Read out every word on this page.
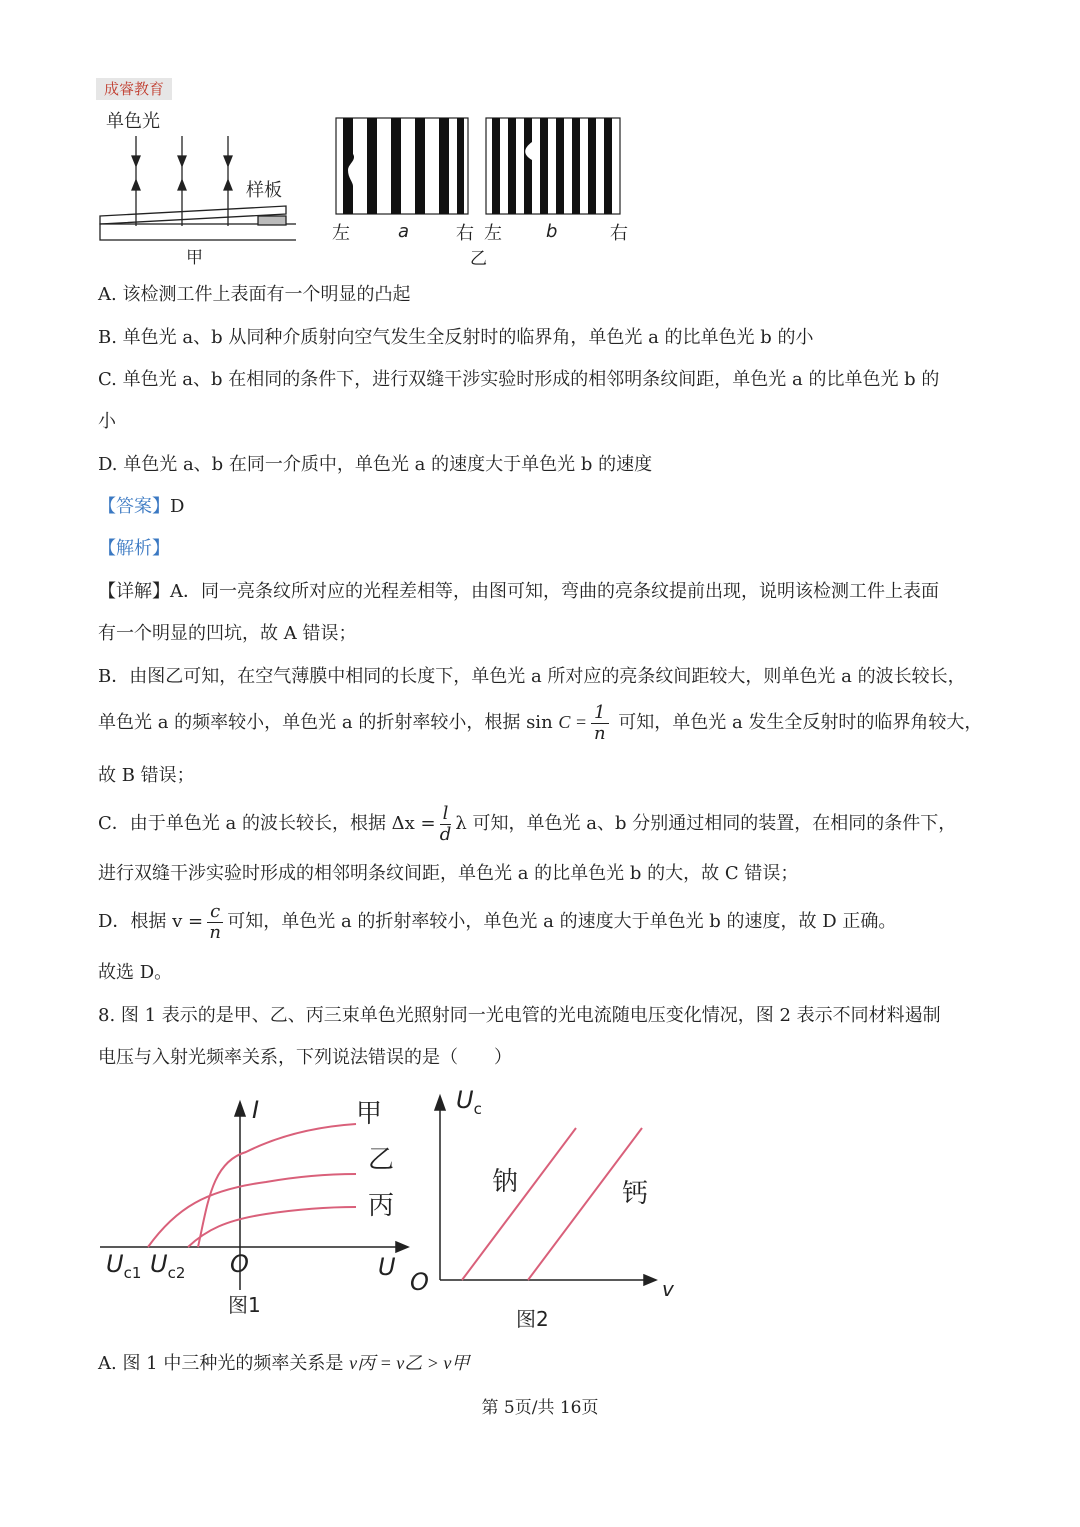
成睿教育
单色光
样板
甲
左	a	右 左 b	右
乙
A. 该检测工件上表面有一个明显的凸起
B. 单色光 a、b 从同种介质射向空气发生全反射时的临界角，单色光 a 的比单色光 b 的小
C. 单色光 a、b 在相同的条件下，进行双缝干涉实验时形成的相邻明条纹间距，单色光 a 的比单色光 b 的
小
D. 单色光 a、b 在同一介质中，单色光 a 的速度大于单色光 b 的速度
【答案】D
【解析】
【详解】A．同一亮条纹所对应的光程差相等，由图可知，弯曲的亮条纹提前出现，说明该检测工件上表面
有一个明显的凹坑，故 A 错误；
B．由图乙可知，在空气薄膜中相同的长度下，单色光 a 所对应的亮条纹间距较大，则单色光 a 的波长较长，
单色光 a 的频率较小，单色光 a 的折射率较小，根据 $\sin C = \frac{1}{n}$ 可知，单色光 a 发生全反射时的临界角较大，
故 B 错误；
C．由于单色光 a 的波长较长，根据 $\Delta x = \frac{l}{d}$ λ 可知，单色光 a、b 分别通过相同的装置，在相同的条件下，
进行双缝干涉实验时形成的相邻明条纹间距，单色光 a 的比单色光 b 的大，故 C 错误；
D．根据 $v = \frac{c}{n}$ 可知，单色光 a 的折射率较小，单色光 a 的速度大于单色光 b 的速度，故 D 正确。
故选 D。
8. 图 1 表示的是甲、乙、丙三束单色光照射同一光电管的光电流随电压变化情况，图 2 表示不同材料遏制
电压与入射光频率关系，下列说法错误的是（　　）
I
U
O
$U_{c1}$ $U_{c2}$
甲
乙
丙
图1
$U_c$
v
O
钠	钙
图2
A. 图 1 中三种光的频率关系是 v丙 = v乙 > v甲
第 5页/共 16页
